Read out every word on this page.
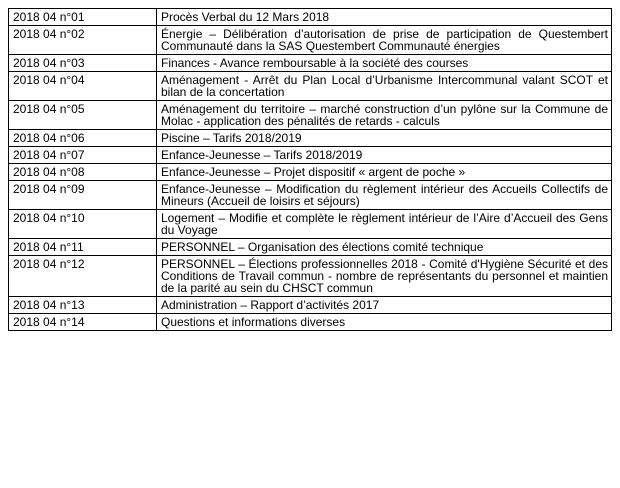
2018 04 n°01	Procès Verbal du 12 Mars 2018
2018 04 n°02	Énergie – Délibération d’autorisation de prise de participation de Questembert Communauté dans la SAS Questembert Communauté énergies
2018 04 n°03	Finances - Avance remboursable à la société des courses
2018 04 n°04	Aménagement - Arrêt du Plan Local d’Urbanisme Intercommunal valant SCOT et bilan de la concertation
2018 04 n°05	Aménagement du territoire – marché construction d’un pylône sur la Commune de Molac - application des pénalités de retards - calculs
2018 04 n°06	Piscine – Tarifs 2018/2019
2018 04 n°07	Enfance-Jeunesse – Tarifs 2018/2019
2018 04 n°08	Enfance-Jeunesse – Projet dispositif « argent de poche »
2018 04 n°09	Enfance-Jeunesse – Modification du règlement intérieur des Accueils Collectifs de Mineurs (Accueil de loisirs et séjours)
2018 04 n°10	Logement – Modifie et complète le règlement intérieur de l’Aire d’Accueil des Gens du Voyage
2018 04 n°11	PERSONNEL – Organisation des élections comité technique
2018 04 n°12	PERSONNEL – Élections professionnelles 2018 - Comité d'Hygiène Sécurité et des Conditions de Travail commun - nombre de représentants du personnel et maintien de la parité au sein du CHSCT commun
2018 04 n°13	Administration – Rapport d’activités 2017
2018 04 n°14	Questions et informations diverses
